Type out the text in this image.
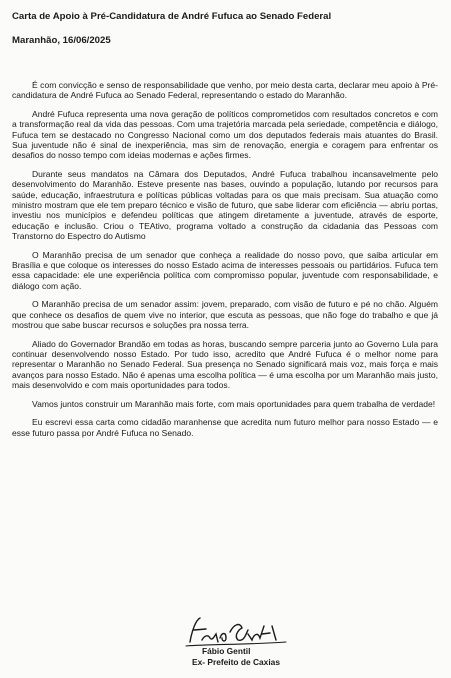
Carta de Apoio à Pré-Candidatura de André Fufuca ao Senado Federal
Maranhão, 16/06/2025

É com convicção e senso de responsabilidade que venho, por meio desta carta, declarar meu apoio à Pré-candidatura de André Fufuca ao Senado Federal, representando o estado do Maranhão.

André Fufuca representa uma nova geração de políticos comprometidos com resultados concretos e com a transformação real da vida das pessoas. Com uma trajetória marcada pela seriedade, competência e diálogo, Fufuca tem se destacado no Congresso Nacional como um dos deputados federais mais atuantes do Brasil. Sua juventude não é sinal de inexperiência, mas sim de renovação, energia e coragem para enfrentar os desafios do nosso tempo com ideias modernas e ações firmes.

Durante seus mandatos na Câmara dos Deputados, André Fufuca trabalhou incansavelmente pelo desenvolvimento do Maranhão. Esteve presente nas bases, ouvindo a população, lutando por recursos para saúde, educação, infraestrutura e políticas públicas voltadas para os que mais precisam. Sua atuação como ministro mostram que ele tem preparo técnico e visão de futuro, que sabe liderar com eficiência — abriu portas, investiu nos municípios e defendeu políticas que atingem diretamente a juventude, através de esporte, educação e inclusão. Criou o TEAtivo, programa voltado a construção da cidadania das Pessoas com Transtorno do Espectro do Autismo

O Maranhão precisa de um senador que conheça a realidade do nosso povo, que saiba articular em Brasília e que coloque os interesses do nosso Estado acima de interesses pessoais ou partidários. Fufuca tem essa capacidade: ele une experiência política com compromisso popular, juventude com responsabilidade, e diálogo com ação.

O Maranhão precisa de um senador assim: jovem, preparado, com visão de futuro e pé no chão. Alguém que conhece os desafios de quem vive no interior, que escuta as pessoas, que não foge do trabalho e que já mostrou que sabe buscar recursos e soluções pra nossa terra.

Aliado do Governador Brandão em todas as horas, buscando sempre parceria junto ao Governo Lula para continuar desenvolvendo nosso Estado. Por tudo isso, acredito que André Fufuca é o melhor nome para representar o Maranhão no Senado Federal. Sua presença no Senado significará mais voz, mais força e mais avanços para nosso Estado. Não é apenas uma escolha política — é uma escolha por um Maranhão mais justo, mais desenvolvido e com mais oportunidades para todos.

Vamos juntos construir um Maranhão mais forte, com mais oportunidades para quem trabalha de verdade!

Eu escrevi essa carta como cidadão maranhense que acredita num futuro melhor para nosso Estado — e esse futuro passa por André Fufuca no Senado.

Fábio Gentil
Ex- Prefeito de Caxias
